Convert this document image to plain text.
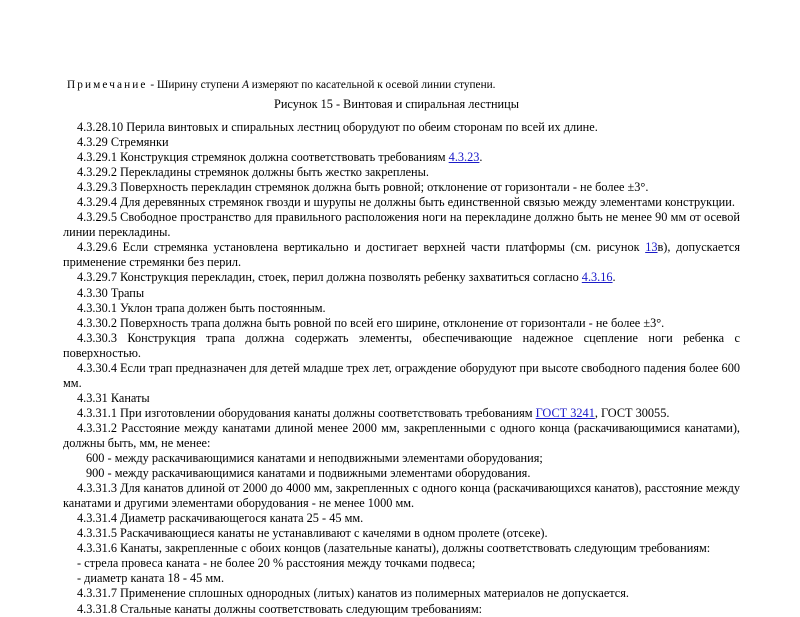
Примечание - Ширину ступени A измеряют по касательной к осевой линии ступени.

Рисунок 15 - Винтовая и спиральная лестницы

4.3.28.10 Перила винтовых и спиральных лестниц оборудуют по обеим сторонам по всей их длине.

4.3.29 Стремянки

4.3.29.1 Конструкция стремянок должна соответствовать требованиям 4.3.23.

4.3.29.2 Перекладины стремянок должны быть жестко закреплены.

4.3.29.3 Поверхность перекладин стремянок должна быть ровной; отклонение от горизонтали - не более ±3°.

4.3.29.4 Для деревянных стремянок гвозди и шурупы не должны быть единственной связью между элементами конструкции.

4.3.29.5 Свободное пространство для правильного расположения ноги на перекладине должно быть не менее 90 мм от осевой линии перекладины.

4.3.29.6 Если стремянка установлена вертикально и достигает верхней части платформы (см. рисунок 13в), допускается применение стремянки без перил.

4.3.29.7 Конструкция перекладин, стоек, перил должна позволять ребенку захватиться согласно 4.3.16.

4.3.30 Трапы

4.3.30.1 Уклон трапа должен быть постоянным.

4.3.30.2 Поверхность трапа должна быть ровной по всей его ширине, отклонение от горизонтали - не более ±3°.

4.3.30.3 Конструкция трапа должна содержать элементы, обеспечивающие надежное сцепление ноги ребенка с поверхностью.

4.3.30.4 Если трап предназначен для детей младше трех лет, ограждение оборудуют при высоте свободного падения более 600 мм.

4.3.31 Канаты

4.3.31.1 При изготовлении оборудования канаты должны соответствовать требованиям ГОСТ 3241, ГОСТ 30055.

4.3.31.2 Расстояние между канатами длиной менее 2000 мм, закрепленными с одного конца (раскачивающимися канатами), должны быть, мм, не менее:

600 - между раскачивающимися канатами и неподвижными элементами оборудования;

900 - между раскачивающимися канатами и подвижными элементами оборудования.

4.3.31.3 Для канатов длиной от 2000 до 4000 мм, закрепленных с одного конца (раскачивающихся канатов), расстояние между канатами и другими элементами оборудования - не менее 1000 мм.

4.3.31.4 Диаметр раскачивающегося каната 25 - 45 мм.

4.3.31.5 Раскачивающиеся канаты не устанавливают с качелями в одном пролете (отсеке).

4.3.31.6 Канаты, закрепленные с обоих концов (лазательные канаты), должны соответствовать следующим требованиям:

- стрела провеса каната - не более 20 % расстояния между точками подвеса;

- диаметр каната 18 - 45 мм.

4.3.31.7 Применение сплошных однородных (литых) канатов из полимерных материалов не допускается.

4.3.31.8 Стальные канаты должны соответствовать следующим требованиям:
